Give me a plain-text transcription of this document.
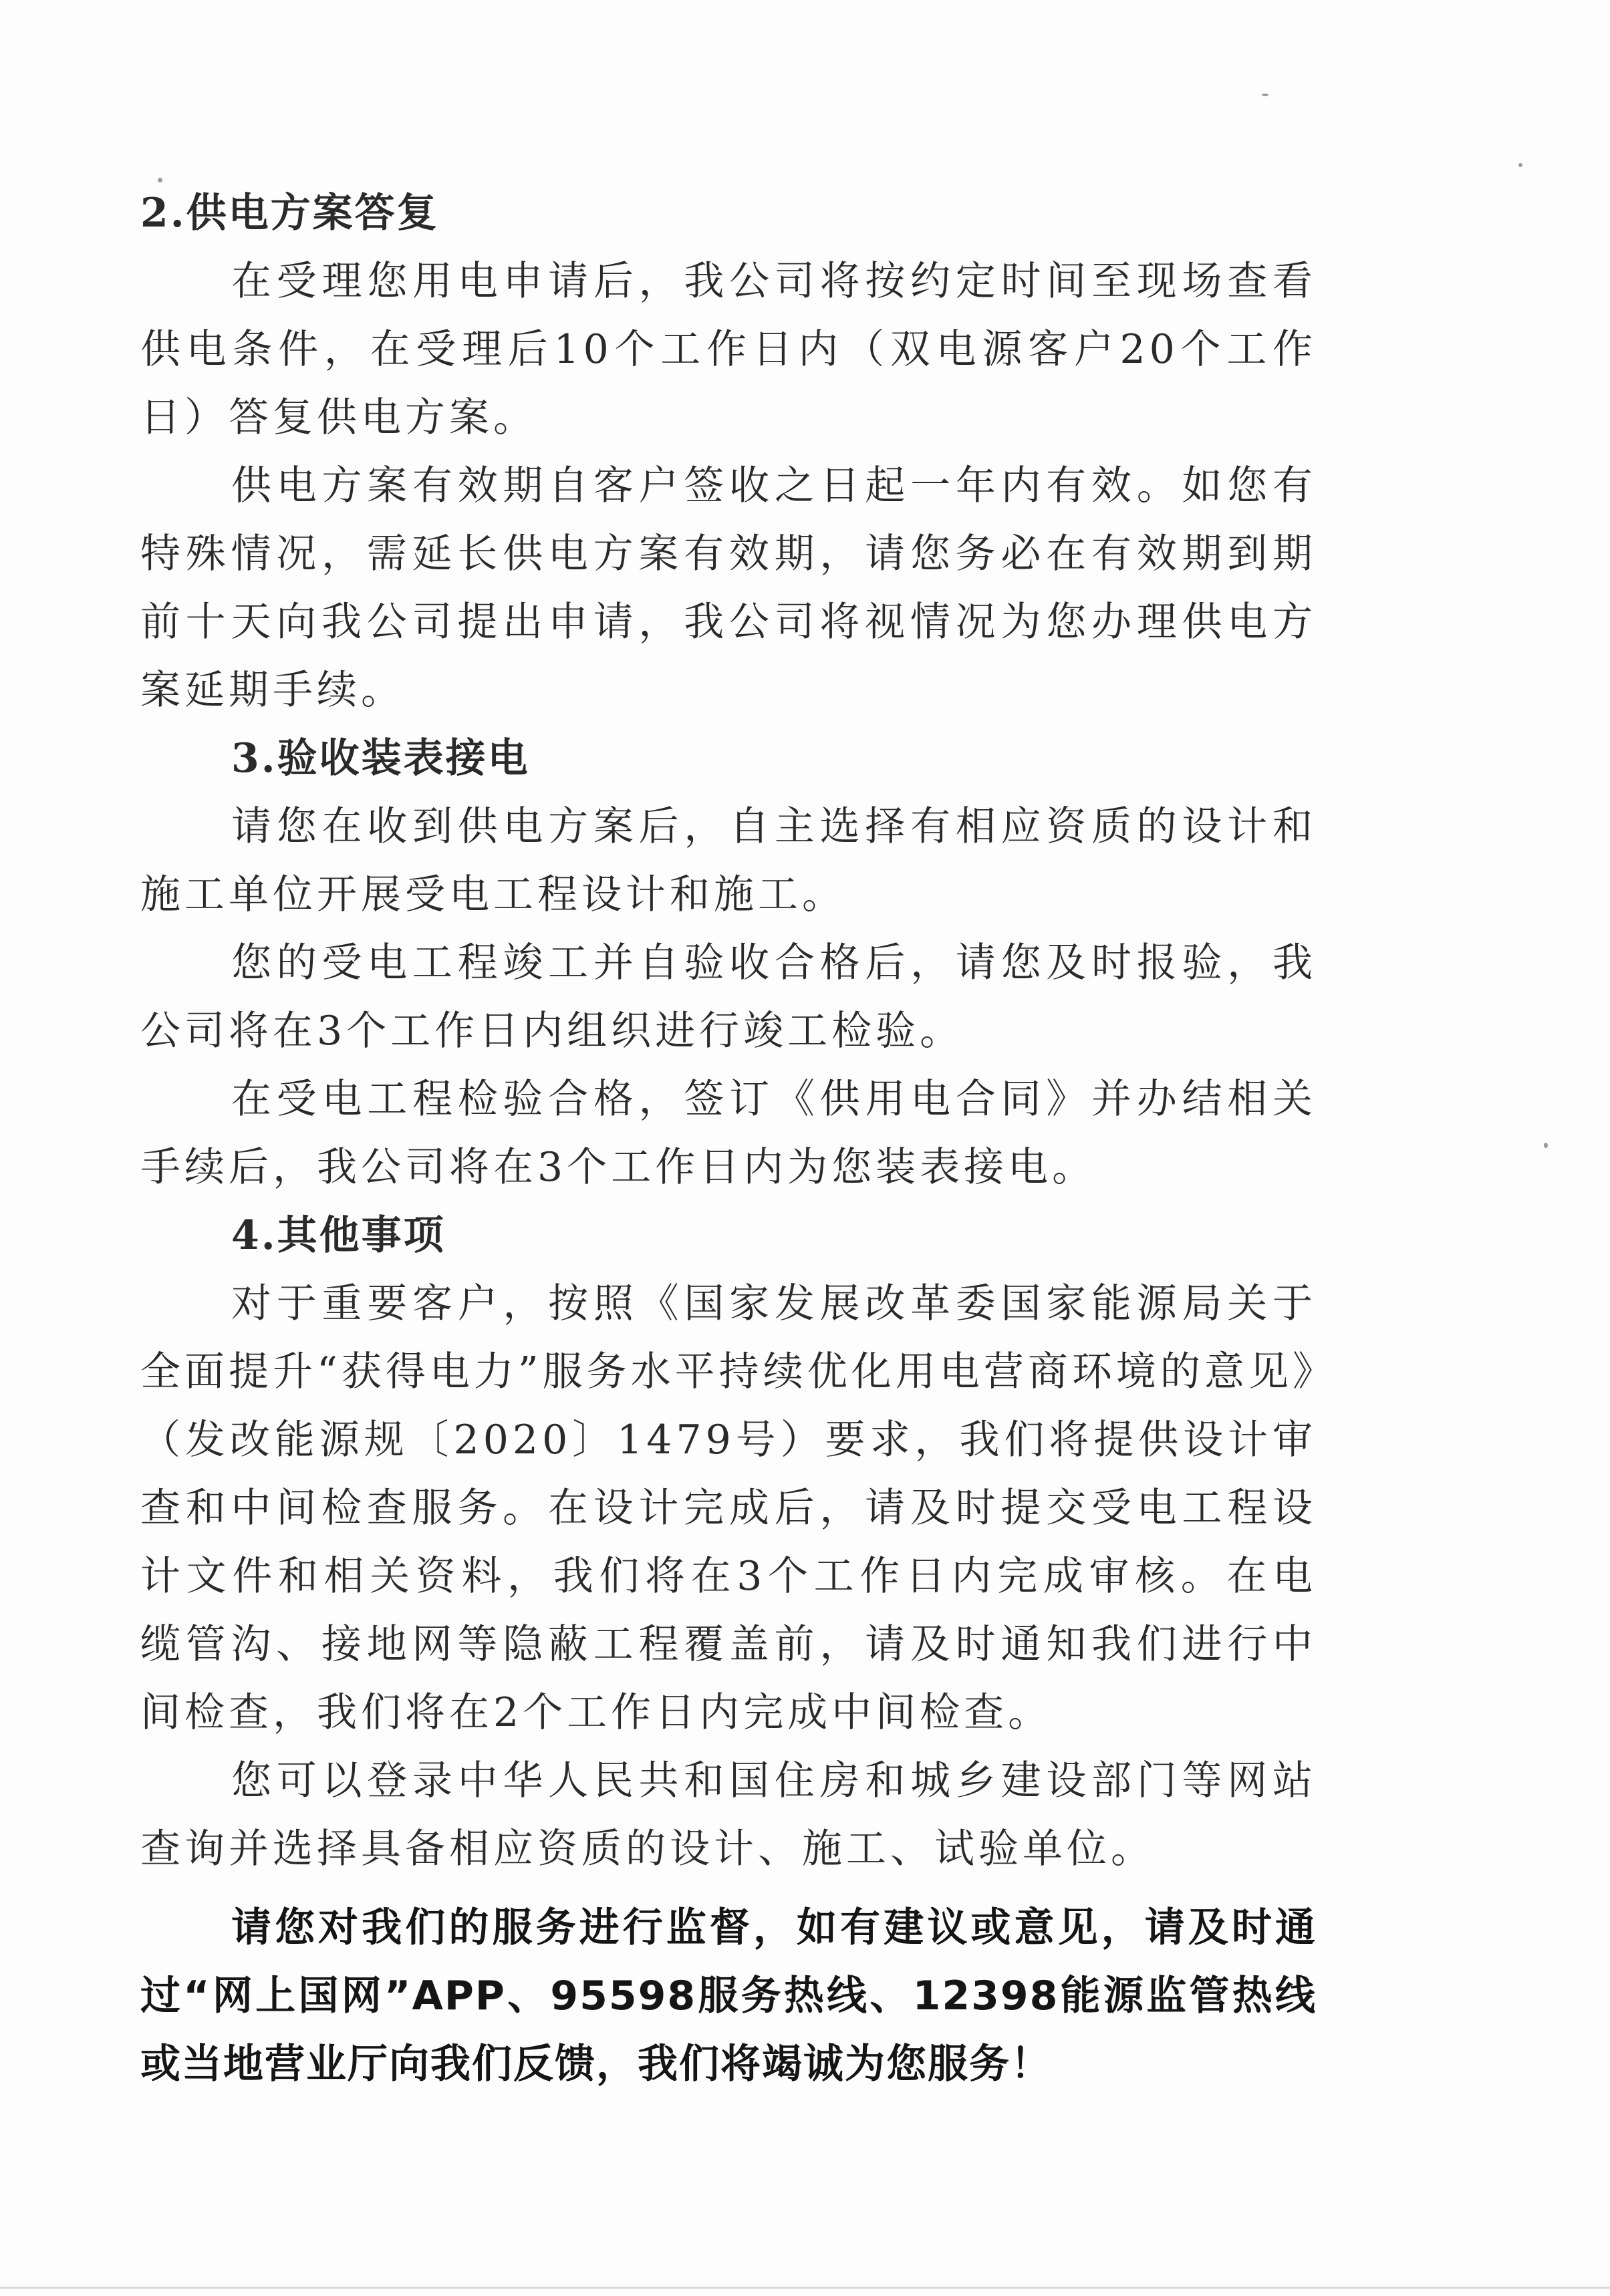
2.供电方案答复

在受理您用电申请后，我公司将按约定时间至现场查看供电条件，在受理后10个工作日内（双电源客户20个工作日）答复供电方案。

供电方案有效期自客户签收之日起一年内有效。如您有特殊情况，需延长供电方案有效期，请您务必在有效期到期前十天向我公司提出申请，我公司将视情况为您办理供电方案延期手续。

3.验收装表接电

请您在收到供电方案后，自主选择有相应资质的设计和施工单位开展受电工程设计和施工。

您的受电工程竣工并自验收合格后，请您及时报验，我公司将在3个工作日内组织进行竣工检验。

在受电工程检验合格，签订《供用电合同》并办结相关手续后，我公司将在3个工作日内为您装表接电。

4.其他事项

对于重要客户，按照《国家发展改革委国家能源局关于全面提升“获得电力”服务水平持续优化用电营商环境的意见》（发改能源规〔2020〕1479号）要求，我们将提供设计审查和中间检查服务。在设计完成后，请及时提交受电工程设计文件和相关资料，我们将在3个工作日内完成审核。在电缆管沟、接地网等隐蔽工程覆盖前，请及时通知我们进行中间检查，我们将在2个工作日内完成中间检查。

您可以登录中华人民共和国住房和城乡建设部门等网站查询并选择具备相应资质的设计、施工、试验单位。

请您对我们的服务进行监督，如有建议或意见，请及时通过“网上国网”APP、95598服务热线、12398能源监管热线或当地营业厅向我们反馈，我们将竭诚为您服务！
